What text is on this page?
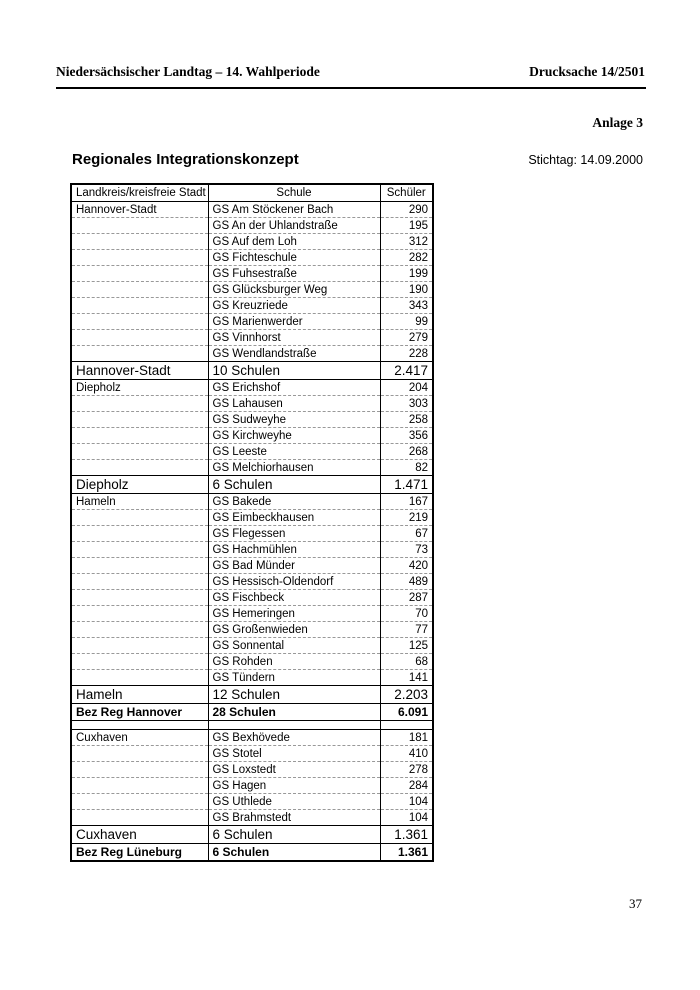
Niedersächsischer Landtag – 14. Wahlperiode	Drucksache 14/2501
Anlage 3
Regionales Integrationskonzept	Stichtag: 14.09.2000
Landkreis/kreisfreie Stadt	Schule	Schüler
Hannover-Stadt	GS Am Stöckener Bach	290
	GS An der Uhlandstraße	195
	GS Auf dem Loh	312
	GS Fichteschule	282
	GS Fuhsestraße	199
	GS Glücksburger Weg	190
	GS Kreuzriede	343
	GS Marienwerder	99
	GS Vinnhorst	279
	GS Wendlandstraße	228
Hannover-Stadt	10 Schulen	2.417
Diepholz	GS Erichshof	204
	GS Lahausen	303
	GS Sudweyhe	258
	GS Kirchweyhe	356
	GS Leeste	268
	GS Melchiorhausen	82
Diepholz	6 Schulen	1.471
Hameln	GS Bakede	167
	GS Eimbeckhausen	219
	GS Flegessen	67
	GS Hachmühlen	73
	GS Bad Münder	420
	GS Hessisch-Oldendorf	489
	GS Fischbeck	287
	GS Hemeringen	70
	GS Großenwieden	77
	GS Sonnental	125
	GS Rohden	68
	GS Tündern	141
Hameln	12 Schulen	2.203
Bez Reg Hannover	28 Schulen	6.091

Cuxhaven	GS Bexhövede	181
	GS Stotel	410
	GS Loxstedt	278
	GS Hagen	284
	GS Uthlede	104
	GS Brahmstedt	104
Cuxhaven	6 Schulen	1.361
Bez Reg Lüneburg	6 Schulen	1.361
37
